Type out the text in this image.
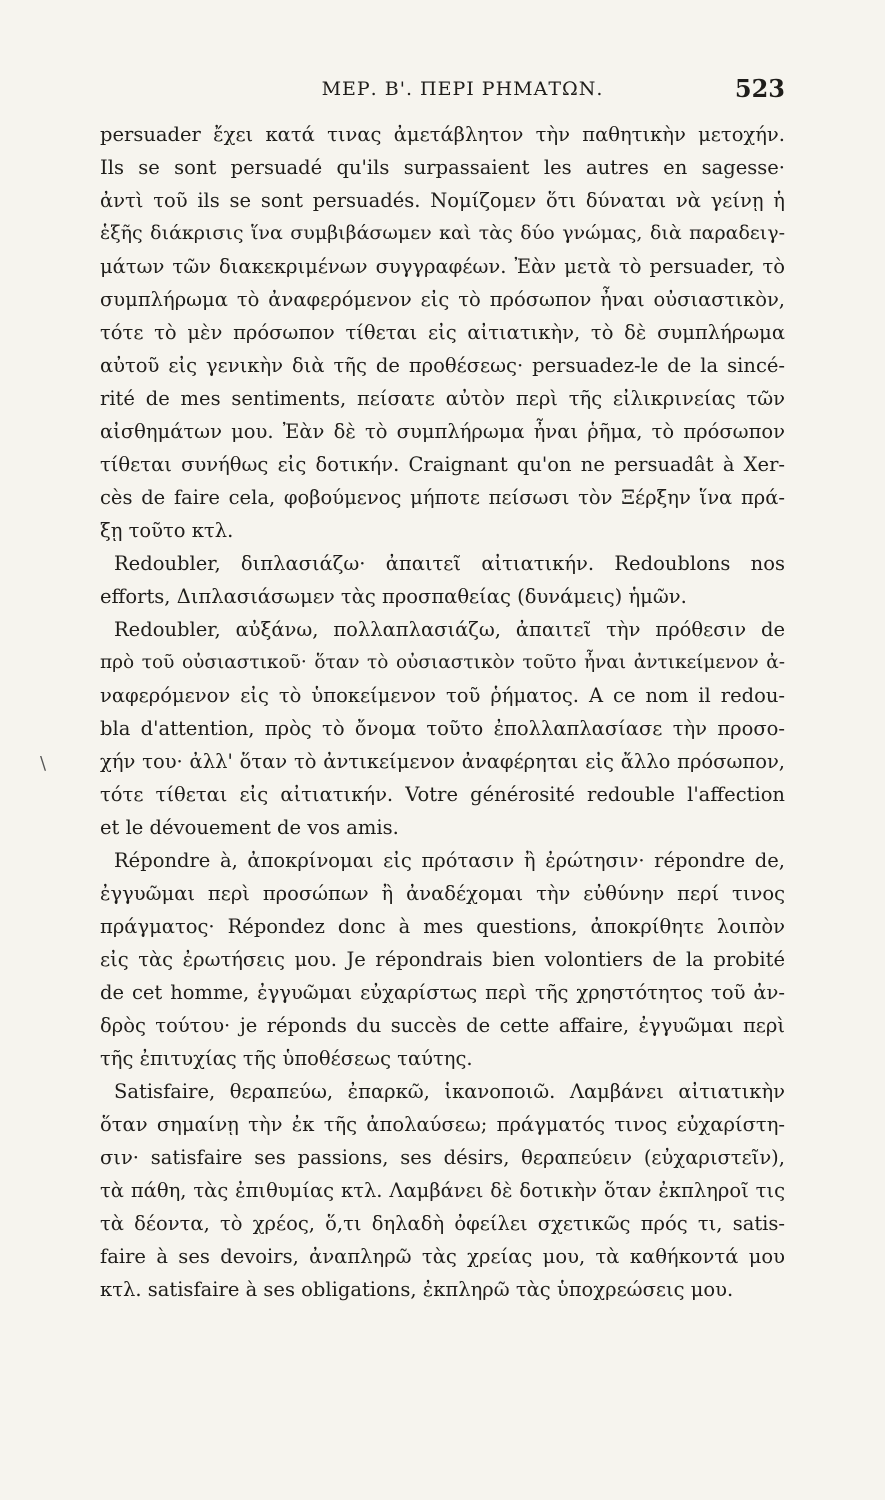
ΜΕΡ. Β'. ΠΕΡΙ ΡΗΜΑΤΩΝ.	523
\
persuader ἔχει κατά τινας ἀμετάβλητον τὴν παθητικὴν μετοχήν.
Ils se sont persuadé qu'ils surpassaient les autres en sagesse·
ἀντὶ τοῦ ils se sont persuadés. Νομίζομεν ὅτι δύναται νὰ γείνῃ ἡ
ἑξῆς διάκρισις ἵνα συμβιβάσωμεν καὶ τὰς δύο γνώμας, διὰ παραδειγ-
μάτων τῶν διακεκριμένων συγγραφέων. Ἐὰν μετὰ τὸ persuader, τὸ
συμπλήρωμα τὸ ἀναφερόμενον εἰς τὸ πρόσωπον ἦναι οὐσιαστικὸν,
τότε τὸ μὲν πρόσωπον τίθεται εἰς αἰτιατικὴν, τὸ δὲ συμπλήρωμα
αὐτοῦ εἰς γενικὴν διὰ τῆς de προθέσεως· persuadez-le de la sincé-
rité de mes sentiments, πείσατε αὐτὸν περὶ τῆς εἰλικρινείας τῶν
αἰσθημάτων μου. Ἐὰν δὲ τὸ συμπλήρωμα ἦναι ῥῆμα, τὸ πρόσωπον
τίθεται συνήθως εἰς δοτικήν. Craignant qu'on ne persuadât à Xer-
cès de faire cela, φοβούμενος μήποτε πείσωσι τὸν Ξέρξην ἵνα πρά-
ξῃ τοῦτο κτλ.
Redoubler, διπλασιάζω· ἀπαιτεῖ αἰτιατικήν. Redoublons nos
efforts, Διπλασιάσωμεν τὰς προσπαθείας (δυνάμεις) ἡμῶν.
Redoubler, αὐξάνω, πολλαπλασιάζω, ἀπαιτεῖ τὴν πρόθεσιν de
πρὸ τοῦ οὐσιαστικοῦ· ὅταν τὸ οὐσιαστικὸν τοῦτο ἦναι ἀντικείμενον ἀ-
ναφερόμενον εἰς τὸ ὑποκείμενον τοῦ ῥήματος. A ce nom il redou-
bla d'attention, πρὸς τὸ ὄνομα τοῦτο ἐπολλαπλασίασε τὴν προσο-
χήν του· ἀλλ' ὅταν τὸ ἀντικείμενον ἀναφέρηται εἰς ἄλλο πρόσωπον,
τότε τίθεται εἰς αἰτιατικήν. Votre générosité redouble l'affection
et le dévouement de vos amis.
Répondre à, ἀποκρίνομαι εἰς πρότασιν ἢ ἐρώτησιν· répondre de,
ἐγγυῶμαι περὶ προσώπων ἢ ἀναδέχομαι τὴν εὐθύνην περί τινος
πράγματος· Répondez donc à mes questions, ἀποκρίθητε λοιπὸν
εἰς τὰς ἐρωτήσεις μου. Je répondrais bien volontiers de la probité
de cet homme, ἐγγυῶμαι εὐχαρίστως περὶ τῆς χρηστότητος τοῦ ἀν-
δρὸς τούτου· je réponds du succès de cette affaire, ἐγγυῶμαι περὶ
τῆς ἐπιτυχίας τῆς ὑποθέσεως ταύτης.
Satisfaire, θεραπεύω, ἐπαρκῶ, ἱκανοποιῶ. Λαμβάνει αἰτιατικὴν
ὅταν σημαίνῃ τὴν ἐκ τῆς ἀπολαύσεω; πράγματός τινος εὐχαρίστη-
σιν· satisfaire ses passions, ses désirs, θεραπεύειν (εὐχαριστεῖν),
τὰ πάθη, τὰς ἐπιθυμίας κτλ. Λαμβάνει δὲ δοτικὴν ὅταν ἐκπληροῖ τις
τὰ δέοντα, τὸ χρέος, ὅ,τι δηλαδὴ ὀφείλει σχετικῶς πρός τι, satis-
faire à ses devoirs, ἀναπληρῶ τὰς χρείας μου, τὰ καθήκοντά μου
κτλ. satisfaire à ses obligations, ἐκπληρῶ τὰς ὑποχρεώσεις μου.
